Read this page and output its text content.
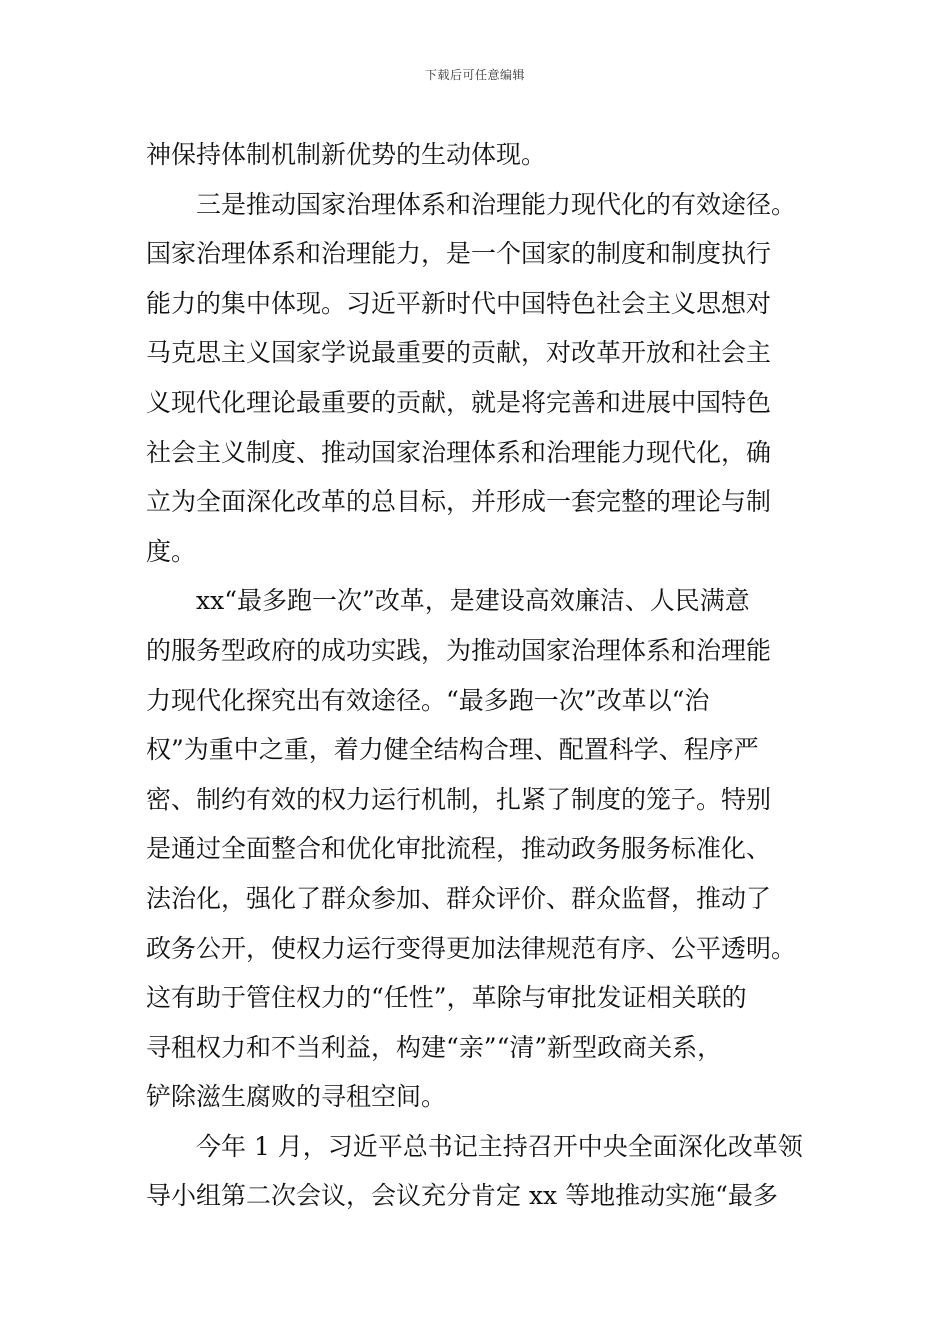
下载后可任意编辑
神保持体制机制新优势的生动体现。
三是推动国家治理体系和治理能力现代化的有效途径。
国家治理体系和治理能力，是一个国家的制度和制度执行
能力的集中体现。习近平新时代中国特色社会主义思想对
马克思主义国家学说最重要的贡献，对改革开放和社会主
义现代化理论最重要的贡献，就是将完善和进展中国特色
社会主义制度、推动国家治理体系和治理能力现代化，确
立为全面深化改革的总目标，并形成一套完整的理论与制
度。
xx“最多跑一次”改革，是建设高效廉洁、人民满意
的服务型政府的成功实践，为推动国家治理体系和治理能
力现代化探究出有效途径。“最多跑一次”改革以“治
权”为重中之重，着力健全结构合理、配置科学、程序严
密、制约有效的权力运行机制，扎紧了制度的笼子。特别
是通过全面整合和优化审批流程，推动政务服务标准化、
法治化，强化了群众参加、群众评价、群众监督，推动了
政务公开，使权力运行变得更加法律规范有序、公平透明。
这有助于管住权力的“任性”，革除与审批发证相关联的
寻租权力和不当利益，构建“亲”“清”新型政商关系，
铲除滋生腐败的寻租空间。
今年 1 月，习近平总书记主持召开中央全面深化改革领
导小组第二次会议，会议充分肯定 xx 等地推动实施“最多
